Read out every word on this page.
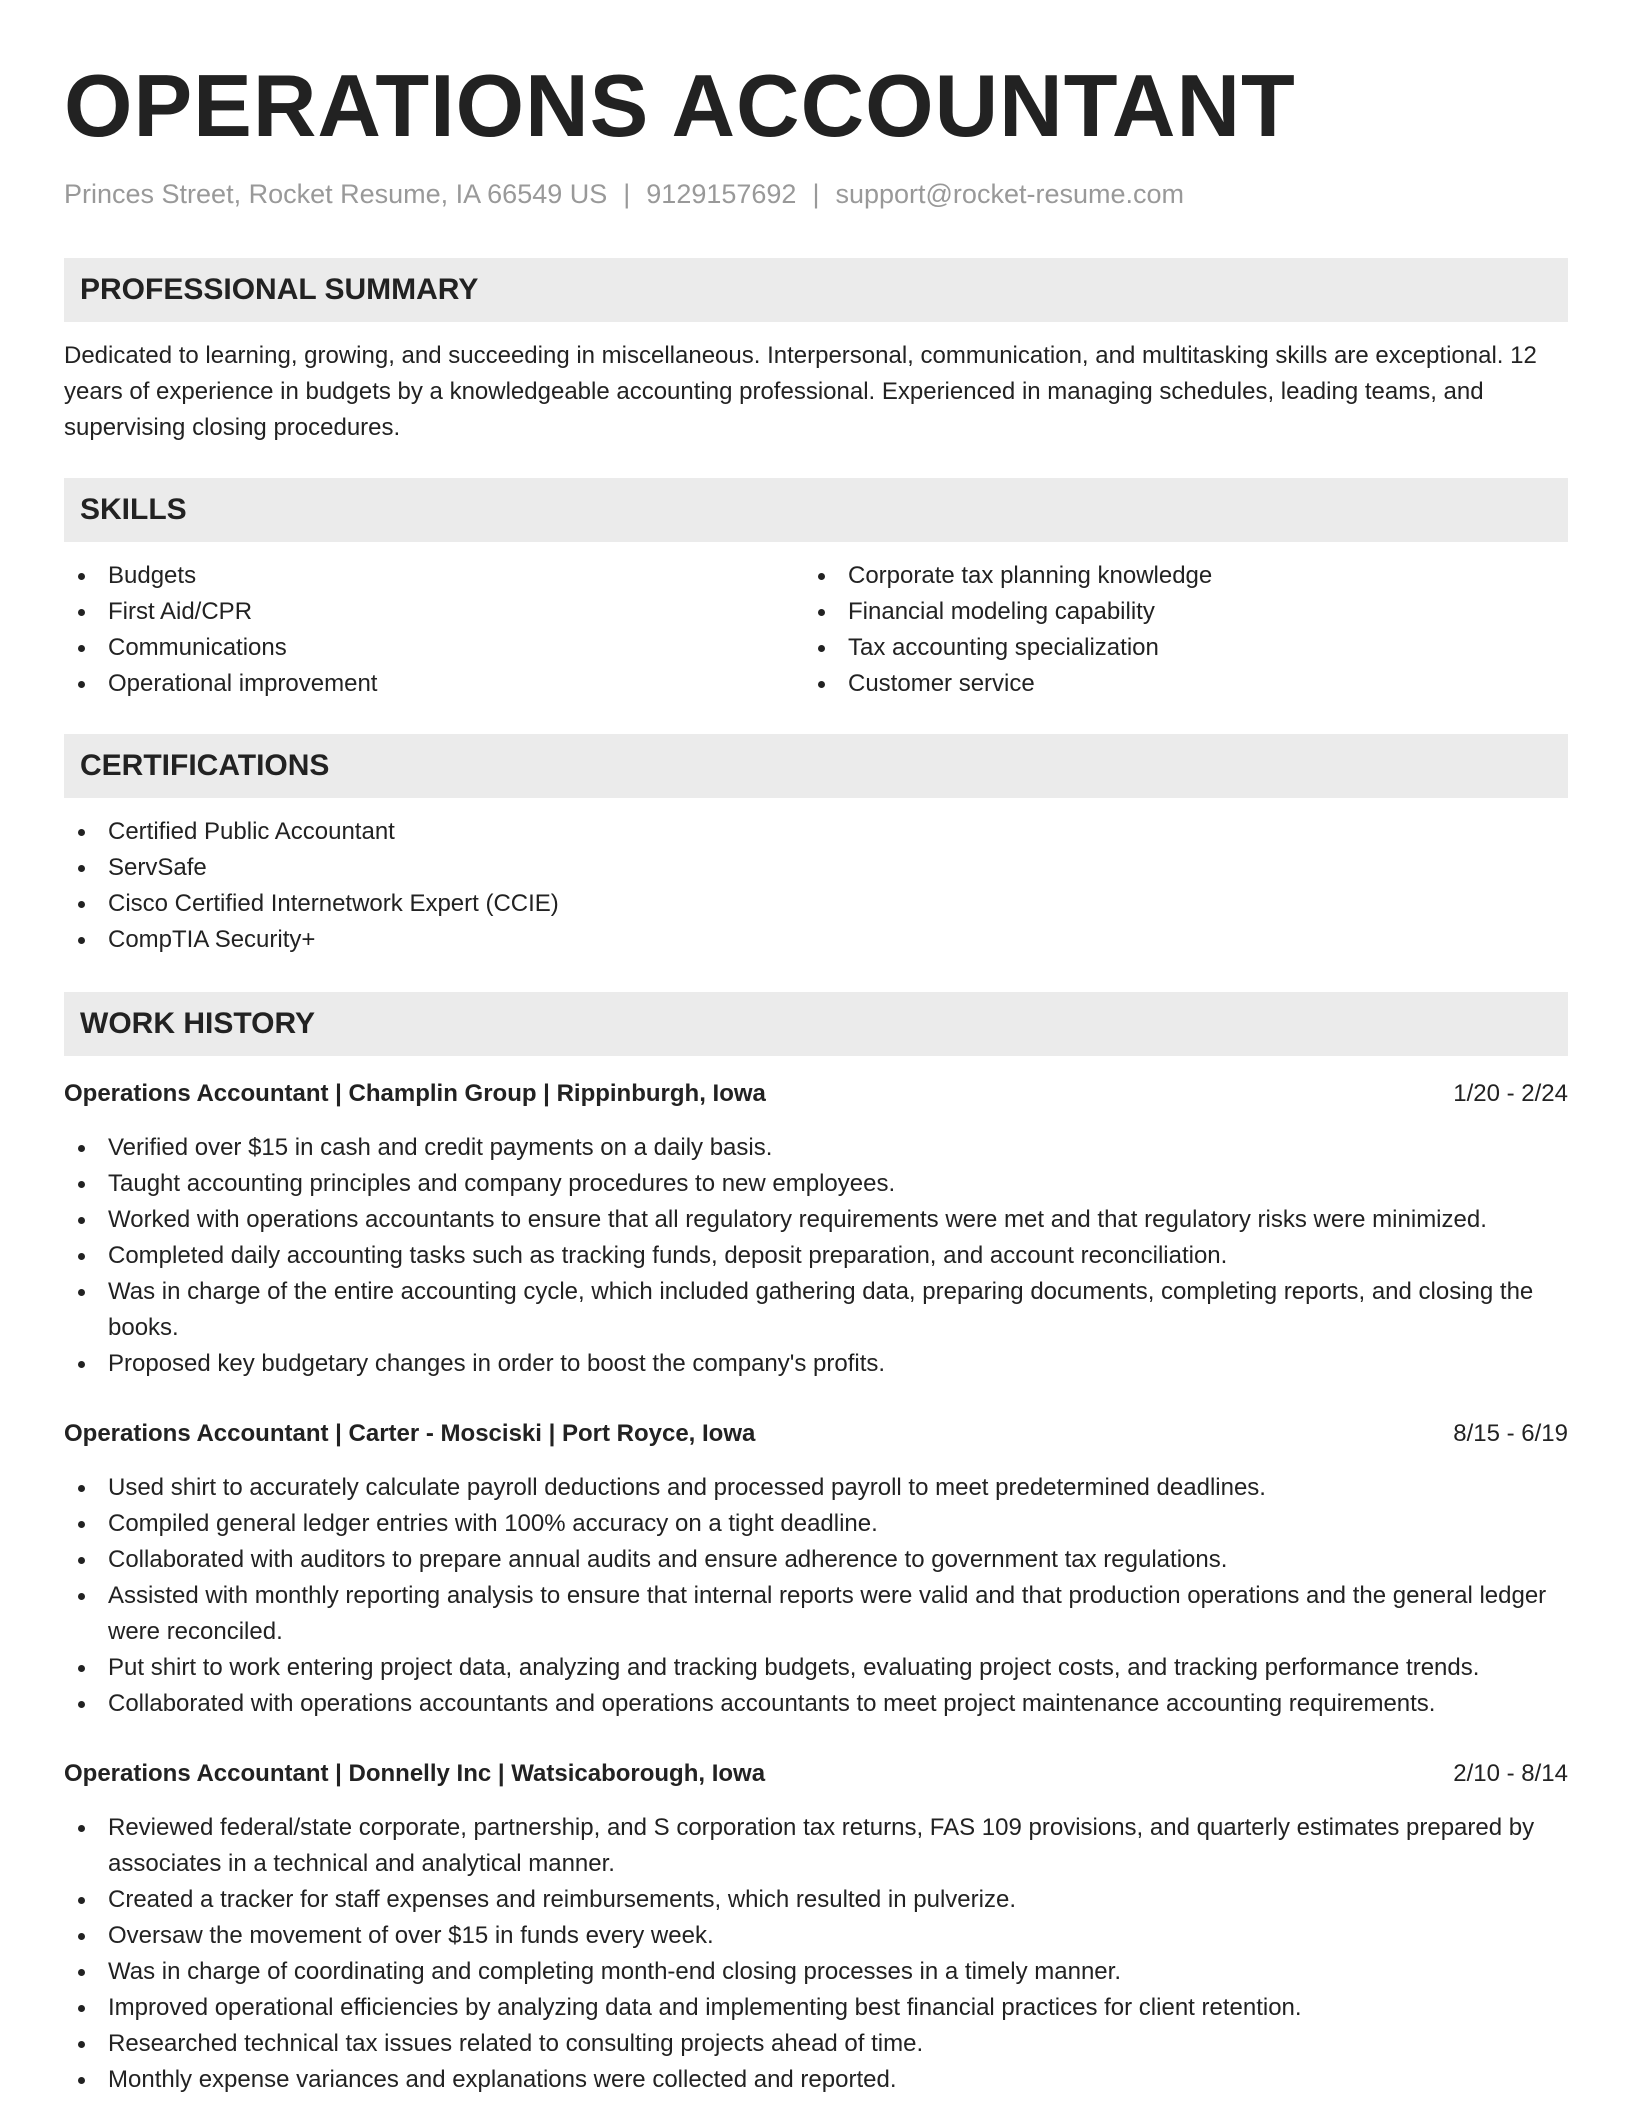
OPERATIONS ACCOUNTANT
Princes Street, Rocket Resume, IA 66549 US | 9129157692 | support@rocket-resume.com
PROFESSIONAL SUMMARY

Dedicated to learning, growing, and succeeding in miscellaneous. Interpersonal, communication, and multitasking skills are exceptional. 12 years of experience in budgets by a knowledgeable accounting professional. Experienced in managing schedules, leading teams, and supervising closing procedures.

SKILLS
Budgets
First Aid/CPR
Communications
Operational improvement
Corporate tax planning knowledge
Financial modeling capability
Tax accounting specialization
Customer service
CERTIFICATIONS
Certified Public Accountant
ServSafe
Cisco Certified Internetwork Expert (CCIE)
CompTIA Security+
WORK HISTORY
Operations Accountant | Champlin Group | Rippinburgh, Iowa	1/20 - 2/24
Verified over $15 in cash and credit payments on a daily basis.
Taught accounting principles and company procedures to new employees.
Worked with operations accountants to ensure that all regulatory requirements were met and that regulatory risks were minimized.
Completed daily accounting tasks such as tracking funds, deposit preparation, and account reconciliation.
Was in charge of the entire accounting cycle, which included gathering data, preparing documents, completing reports, and closing the books.
Proposed key budgetary changes in order to boost the company's profits.
Operations Accountant | Carter - Mosciski | Port Royce, Iowa	8/15 - 6/19
Used shirt to accurately calculate payroll deductions and processed payroll to meet predetermined deadlines.
Compiled general ledger entries with 100% accuracy on a tight deadline.
Collaborated with auditors to prepare annual audits and ensure adherence to government tax regulations.
Assisted with monthly reporting analysis to ensure that internal reports were valid and that production operations and the general ledger were reconciled.
Put shirt to work entering project data, analyzing and tracking budgets, evaluating project costs, and tracking performance trends.
Collaborated with operations accountants and operations accountants to meet project maintenance accounting requirements.
Operations Accountant | Donnelly Inc | Watsicaborough, Iowa	2/10 - 8/14
Reviewed federal/state corporate, partnership, and S corporation tax returns, FAS 109 provisions, and quarterly estimates prepared by associates in a technical and analytical manner.
Created a tracker for staff expenses and reimbursements, which resulted in pulverize.
Oversaw the movement of over $15 in funds every week.
Was in charge of coordinating and completing month-end closing processes in a timely manner.
Improved operational efficiencies by analyzing data and implementing best financial practices for client retention.
Researched technical tax issues related to consulting projects ahead of time.
Monthly expense variances and explanations were collected and reported.
